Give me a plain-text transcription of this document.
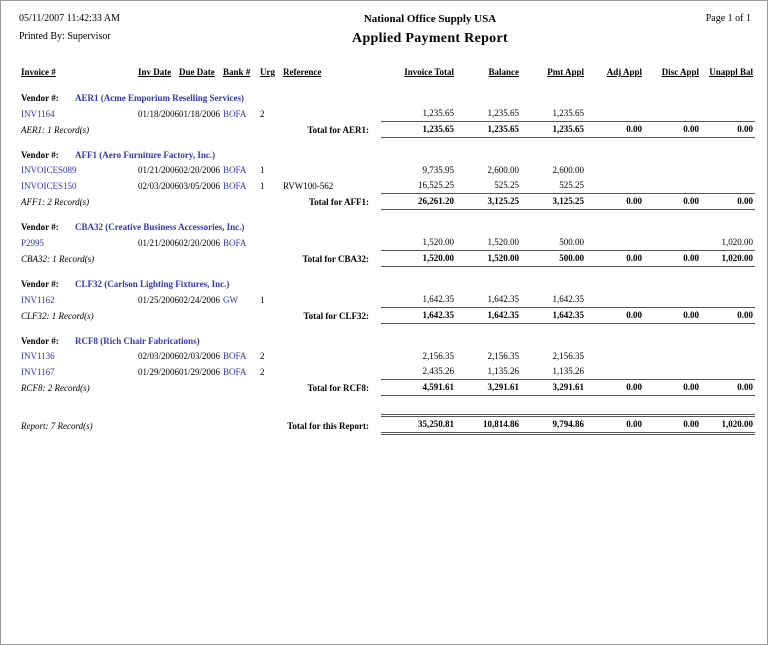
05/11/2007 11:42:33 AM
Printed By: Supervisor
National Office Supply USA
Applied Payment Report
Page 1 of 1
Invoice #	Inv Date	Due Date	Bank #	Urg	Reference	Invoice Total	Balance	Pmt Appl	Adj Appl	Disc Appl	Unappl Bal

Vendor #: AER1 (Acme Emporium Reselling Services)											
INV1164	01/18/2006	01/18/2006	BOFA	2		1,235.65	1,235.65	1,235.65			
AER1: 1 Record(s)			Total for AER1:			1,235.65	1,235.65	1,235.65	0.00	0.00	0.00

Vendor #: AFF1 (Aero Furniture Factory, Inc.)											
INVOICES089	01/21/2006	02/20/2006	BOFA	1		9,735.95	2,600.00	2,600.00			
INVOICES150	02/03/2006	03/05/2006	BOFA	1	RVW100-562	16,525.25	525.25	525.25			
AFF1: 2 Record(s)			Total for AFF1:			26,261.20	3,125.25	3,125.25	0.00	0.00	0.00

Vendor #: CBA32 (Creative Business Accessories, Inc.)											
P2995	01/21/2006	02/20/2006	BOFA			1,520.00	1,520.00	500.00			1,020.00
CBA32: 1 Record(s)			Total for CBA32:			1,520.00	1,520.00	500.00	0.00	0.00	1,020.00

Vendor #: CLF32 (Carlson Lighting Fixtures, Inc.)											
INV1162	01/25/2006	02/24/2006	GW	1		1,642.35	1,642.35	1,642.35			
CLF32: 1 Record(s)			Total for CLF32:			1,642.35	1,642.35	1,642.35	0.00	0.00	0.00

Vendor #: RCF8 (Rich Chair Fabrications)											
INV1136	02/03/2006	02/03/2006	BOFA	2		2,156.35	2,156.35	2,156.35			
INV1167	01/29/2006	01/29/2006	BOFA	2		2,435.26	1,135.26	1,135.26			
RCF8: 2 Record(s)			Total for RCF8:			4,591.61	3,291.61	3,291.61	0.00	0.00	0.00

Report: 7 Record(s)			Total for this Report:			35,250.81	10,814.86	9,794.86	0.00	0.00	1,020.00
